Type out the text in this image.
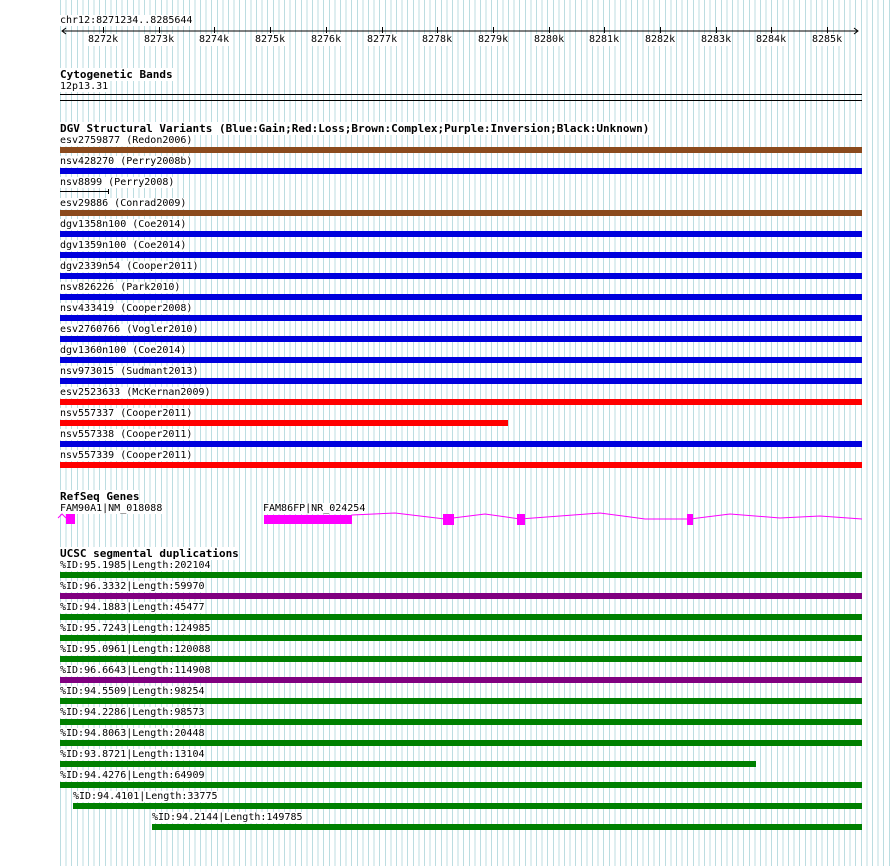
chr12:8271234..8285644
8272k	8273k 8274k	8275k	8276k	8277k 8278k	8279k	8280k 8281k	8282k	8283k 8284k	8285k
Cytogenetic Bands
12p13.31
DGV Structural Variants (Blue:Gain;Red:Loss;Brown:Complex;Purple:Inversion;Black:Unknown)
esv2759877 (Redon2006)
nsv428270 (Perry2008b)
nsv8899 (Perry2008)
esv29886 (Conrad2009)
dgv1358n100 (Coe2014)
dgv1359n100 (Coe2014)
dgv2339n54 (Cooper2011)
nsv826226 (Park2010)
nsv433419 (Cooper2008)
esv2760766 (Vogler2010)
dgv1360n100 (Coe2014)
nsv973015 (Sudmant2013)
esv2523633 (McKernan2009)
nsv557337 (Cooper2011)
nsv557338 (Cooper2011)
nsv557339 (Cooper2011)
RefSeq Genes
FAM90A1|NM_018088	FAM86FP|NR_024254
UCSC segmental duplications
%ID:95.1985|Length:202104
%ID:96.3332|Length:59970
%ID:94.1883|Length:45477
%ID:95.7243|Length:124985
%ID:95.0961|Length:120088
%ID:96.6643|Length:114908
%ID:94.5509|Length:98254
%ID:94.2286|Length:98573
%ID:94.8063|Length:20448
%ID:93.8721|Length:13104
%ID:94.4276|Length:64909
%ID:94.4101|Length:33775
%ID:94.2144|Length:149785
